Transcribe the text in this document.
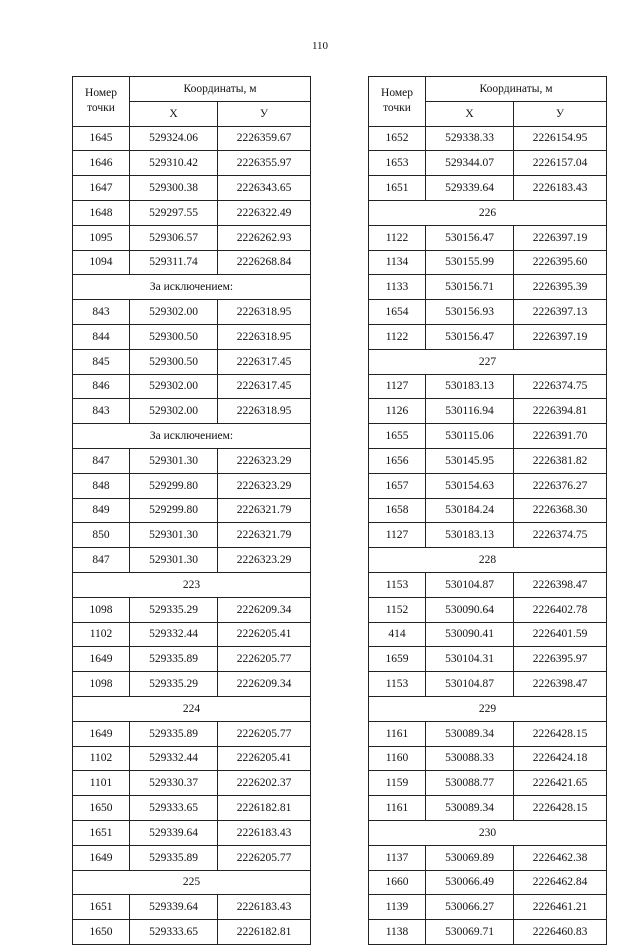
110
Номер
точки	Координаты, м	
	X	У
1645	529324.06	2226359.67
1646	529310.42	2226355.97
1647	529300.38	2226343.65
1648	529297.55	2226322.49
1095	529306.57	2226262.93
1094	529311.74	2226268.84
За исключением:		
843	529302.00	2226318.95
844	529300.50	2226318.95
845	529300.50	2226317.45
846	529302.00	2226317.45
843	529302.00	2226318.95
За исключением:		
847	529301.30	2226323.29
848	529299.80	2226323.29
849	529299.80	2226321.79
850	529301.30	2226321.79
847	529301.30	2226323.29
223		
1098	529335.29	2226209.34
1102	529332.44	2226205.41
1649	529335.89	2226205.77
1098	529335.29	2226209.34
224		
1649	529335.89	2226205.77
1102	529332.44	2226205.41
1101	529330.37	2226202.37
1650	529333.65	2226182.81
1651	529339.64	2226183.43
1649	529335.89	2226205.77
225		
1651	529339.64	2226183.43
1650	529333.65	2226182.81
Номер
точки	Координаты, м	
	X	У
1652	529338.33	2226154.95
1653	529344.07	2226157.04
1651	529339.64	2226183.43
226		
1122	530156.47	2226397.19
1134	530155.99	2226395.60
1133	530156.71	2226395.39
1654	530156.93	2226397.13
1122	530156.47	2226397.19
227		
1127	530183.13	2226374.75
1126	530116.94	2226394.81
1655	530115.06	2226391.70
1656	530145.95	2226381.82
1657	530154.63	2226376.27
1658	530184.24	2226368.30
1127	530183.13	2226374.75
228		
1153	530104.87	2226398.47
1152	530090.64	2226402.78
414	530090.41	2226401.59
1659	530104.31	2226395.97
1153	530104.87	2226398.47
229		
1161	530089.34	2226428.15
1160	530088.33	2226424.18
1159	530088.77	2226421.65
1161	530089.34	2226428.15
230		
1137	530069.89	2226462.38
1660	530066.49	2226462.84
1139	530066.27	2226461.21
1138	530069.71	2226460.83
